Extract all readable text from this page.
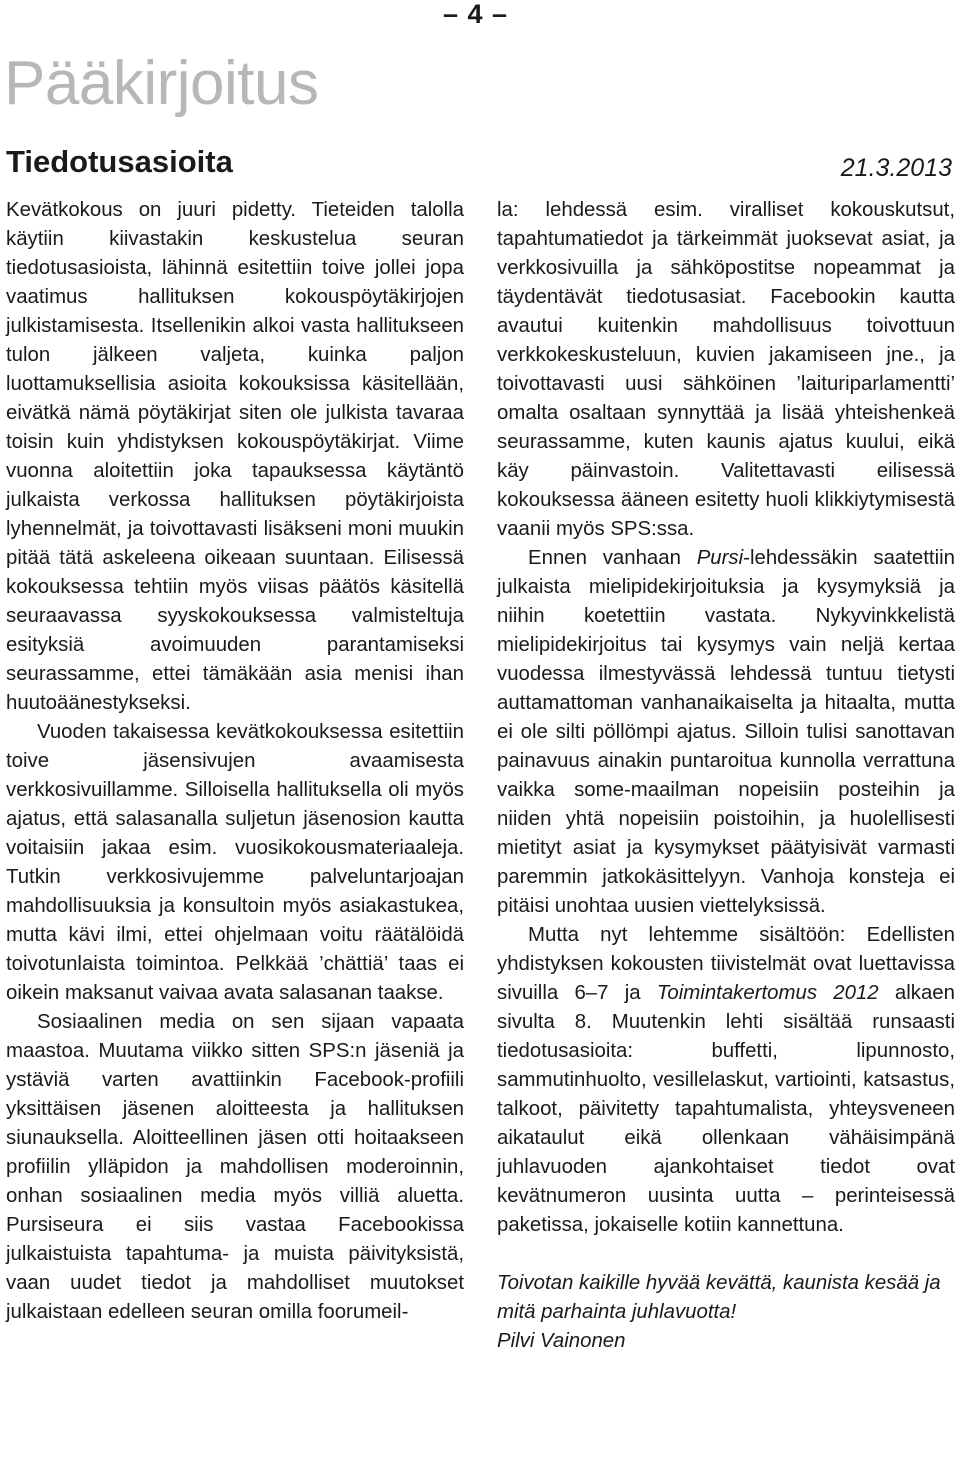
– 4 –
Pääkirjoitus
Tiedotusasioita	21.3.2013

Kevätkokous on juuri pidetty. Tieteiden talolla käytiin kiivastakin keskustelua seuran tiedotusasioista, lähinnä esitettiin toive jollei jopa vaatimus hallituksen kokouspöytäkirjojen julkistamisesta. Itsellenikin alkoi vasta hallitukseen tulon jälkeen valjeta, kuinka paljon luottamuksellisia asioita kokouksissa käsitellään, eivätkä nämä pöytäkirjat siten ole julkista tavaraa toisin kuin yhdistyksen kokouspöytäkirjat. Viime vuonna aloitettiin joka tapauksessa käytäntö julkaista verkossa hallituksen pöytäkirjoista lyhennelmät, ja toivottavasti lisäkseni moni muukin pitää tätä askeleena oikeaan suuntaan. Eilisessä kokouksessa tehtiin myös viisas päätös käsitellä seuraavassa syyskokouksessa valmisteltuja esityksiä avoimuuden parantamiseksi seurassamme, ettei tämäkään asia menisi ihan huutoäänestykseksi.

Vuoden takaisessa kevätkokouksessa esitettiin toive jäsensivujen avaamisesta verkkosivuillamme. Silloisella hallituksella oli myös ajatus, että salasanalla suljetun jäsenosion kautta voitaisiin jakaa esim. vuosikokousmateriaaleja. Tutkin verkkosivujemme palveluntarjoajan mahdollisuuksia ja konsultoin myös asiakastukea, mutta kävi ilmi, ettei ohjelmaan voitu räätälöidä toivotunlaista toimintoa. Pelkkää ’chättiä’ taas ei oikein maksanut vaivaa avata salasanan taakse.

Sosiaalinen media on sen sijaan vapaata maastoa. Muutama viikko sitten SPS:n jäseniä ja ystäviä varten avattiinkin Facebook-profiili yksittäisen jäsenen aloitteesta ja hallituksen siunauksella. Aloitteellinen jäsen otti hoitaakseen profiilin ylläpidon ja mahdollisen moderoinnin, onhan sosiaalinen media myös villiä aluetta. Pursiseura ei siis vastaa Facebookissa julkaistuista tapahtuma- ja muista päivityksistä, vaan uudet tiedot ja mahdolliset muutokset julkaistaan edelleen seuran omilla foorumeil-

la: lehdessä esim. viralliset kokouskutsut, tapahtumatiedot ja tärkeimmät juoksevat asiat, ja verkkosivuilla ja sähköpostitse nopeammat ja täydentävät tiedotusasiat. Facebookin kautta avautui kuitenkin mahdollisuus toivottuun verkkokeskusteluun, kuvien jakamiseen jne., ja toivottavasti uusi sähköinen ’laituriparlamentti’ omalta osaltaan synnyttää ja lisää yhteishenkeä seurassamme, kuten kaunis ajatus kuului, eikä käy päinvastoin. Valitettavasti eilisessä kokouksessa ääneen esitetty huoli klikkiytymisestä vaanii myös SPS:ssa.

Ennen vanhaan Pursi-lehdessäkin saatettiin julkaista mielipidekirjoituksia ja kysymyksiä ja niihin koetettiin vastata. Nykyvinkkelistä mielipidekirjoitus tai kysymys vain neljä kertaa vuodessa ilmestyvässä lehdessä tuntuu tietysti auttamattoman vanhanaikaiselta ja hitaalta, mutta ei ole silti pöllömpi ajatus. Silloin tulisi sanottavan painavuus ainakin puntaroitua kunnolla verrattuna vaikka some-maailman nopeisiin posteihin ja niiden yhtä nopeisiin poistoihin, ja huolellisesti mietityt asiat ja kysymykset päätyisivät varmasti paremmin jatkokäsittelyyn. Vanhoja konsteja ei pitäisi unohtaa uusien viettelyksissä.

Mutta nyt lehtemme sisältöön: Edellisten yhdistyksen kokousten tiivistelmät ovat luettavissa sivuilla 6–7 ja Toimintakertomus 2012 alkaen sivulta 8. Muutenkin lehti sisältää runsaasti tiedotusasioita: buffetti, lipunnosto, sammutinhuolto, vesillelaskut, vartiointi, katsastus, talkoot, päivitetty tapahtumalista, yhteysveneen aikataulut eikä ollenkaan vähäisimpänä juhlavuoden ajankohtaiset tiedot ovat kevätnumeron uusinta uutta – perinteisessä paketissa, jokaiselle kotiin kannettuna.

Toivotan kaikille hyvää kevättä, kaunista kesää ja mitä parhainta juhlavuotta!

Pilvi Vainonen
